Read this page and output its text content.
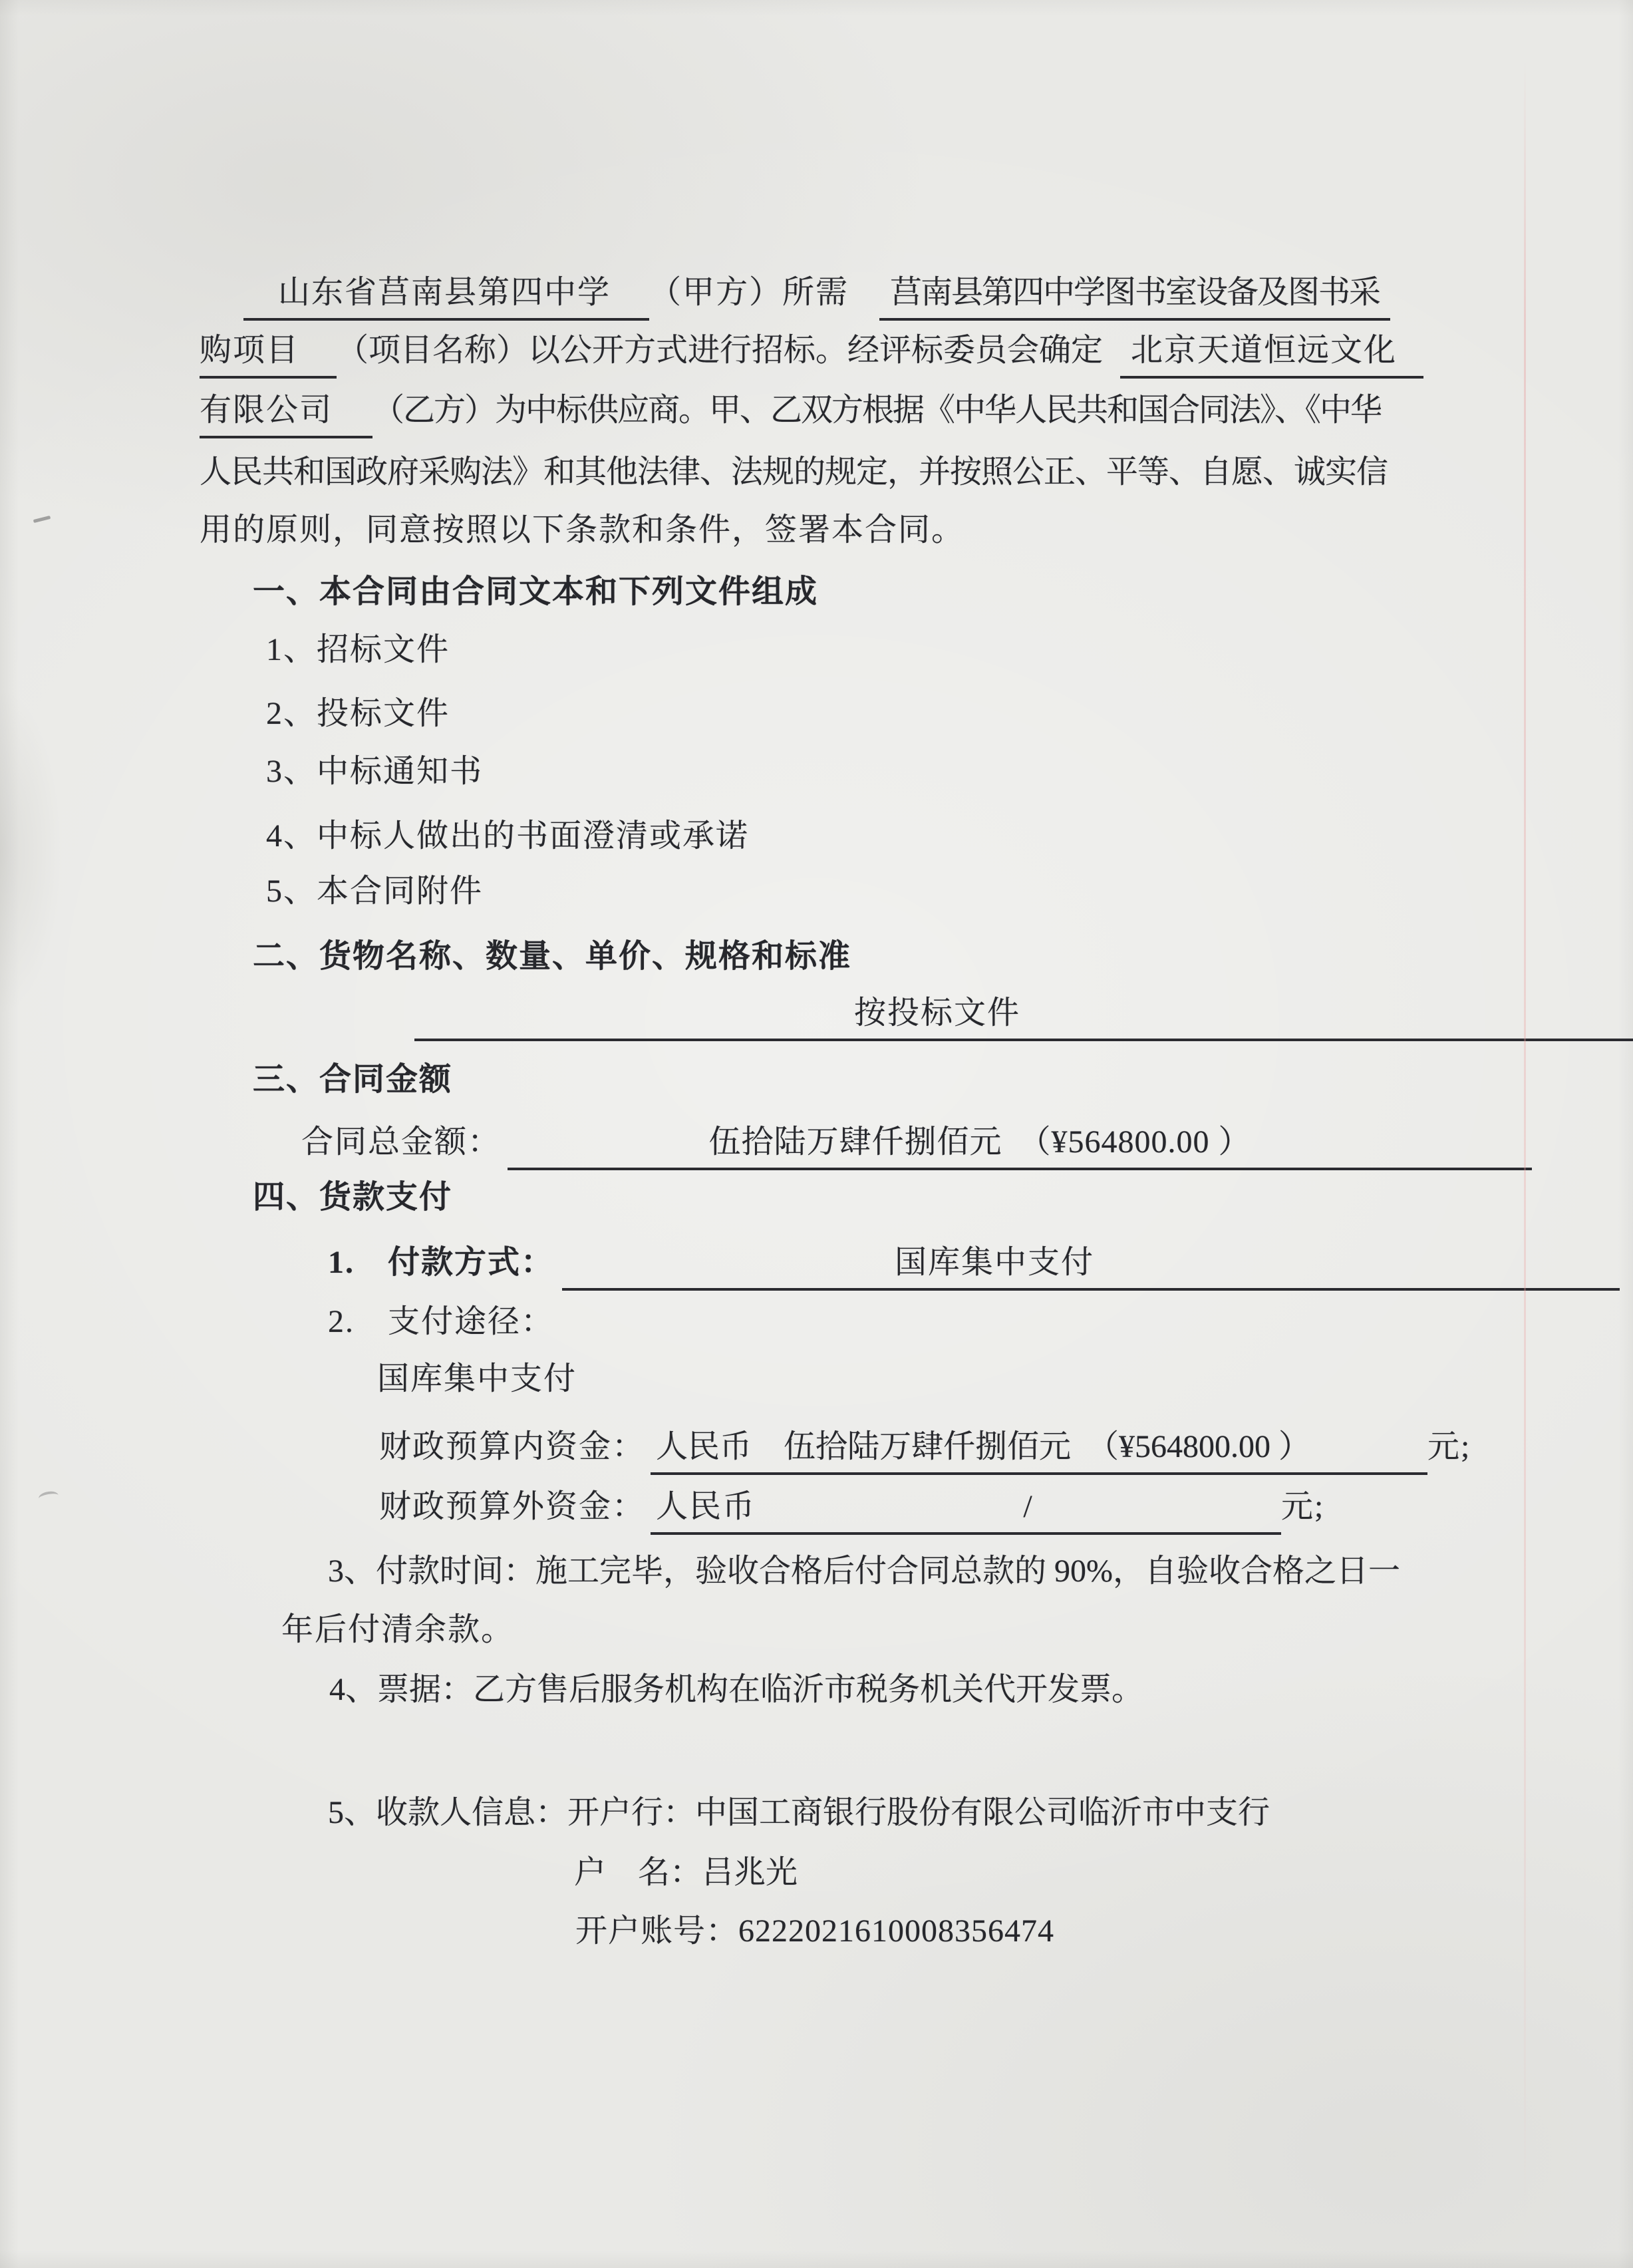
山东省莒南县第四中学 （甲方）所需 莒南县第四中学图书室设备及图书采
购项目 （项目名称）以公开方式进行招标。经评标委员会确定 北京天道恒远文化
有限公司 （乙方）为中标供应商。甲、乙双方根据《中华人民共和国合同法》、《中华
人民共和国政府采购法》和其他法律、法规的规定，并按照公正、平等、自愿、诚实信
用的原则，同意按照以下条款和条件，签署本合同。
一、本合同由合同文本和下列文件组成
1、招标文件
2、投标文件
3、中标通知书
4、中标人做出的书面澄清或承诺
5、本合同附件
二、货物名称、数量、单价、规格和标准
按投标文件
三、合同金额
合同总金额：	伍拾陆万肆仟捌佰元　（¥564800.00 ）
四、货款支付
1.　付款方式：	国库集中支付
2.　支付途径：
国库集中支付
财政预算内资金： 人民币　伍拾陆万肆仟捌佰元　（¥564800.00 ）	元;
财政预算外资金： 人民币	/	元;
3、付款时间：施工完毕，验收合格后付合同总款的 90%，自验收合格之日一
年后付清余款。
4、票据：乙方售后服务机构在临沂市税务机关代开发票。
5、收款人信息：开户行：中国工商银行股份有限公司临沂市中支行
户　名：吕兆光
开户账号：6222021610008356474
